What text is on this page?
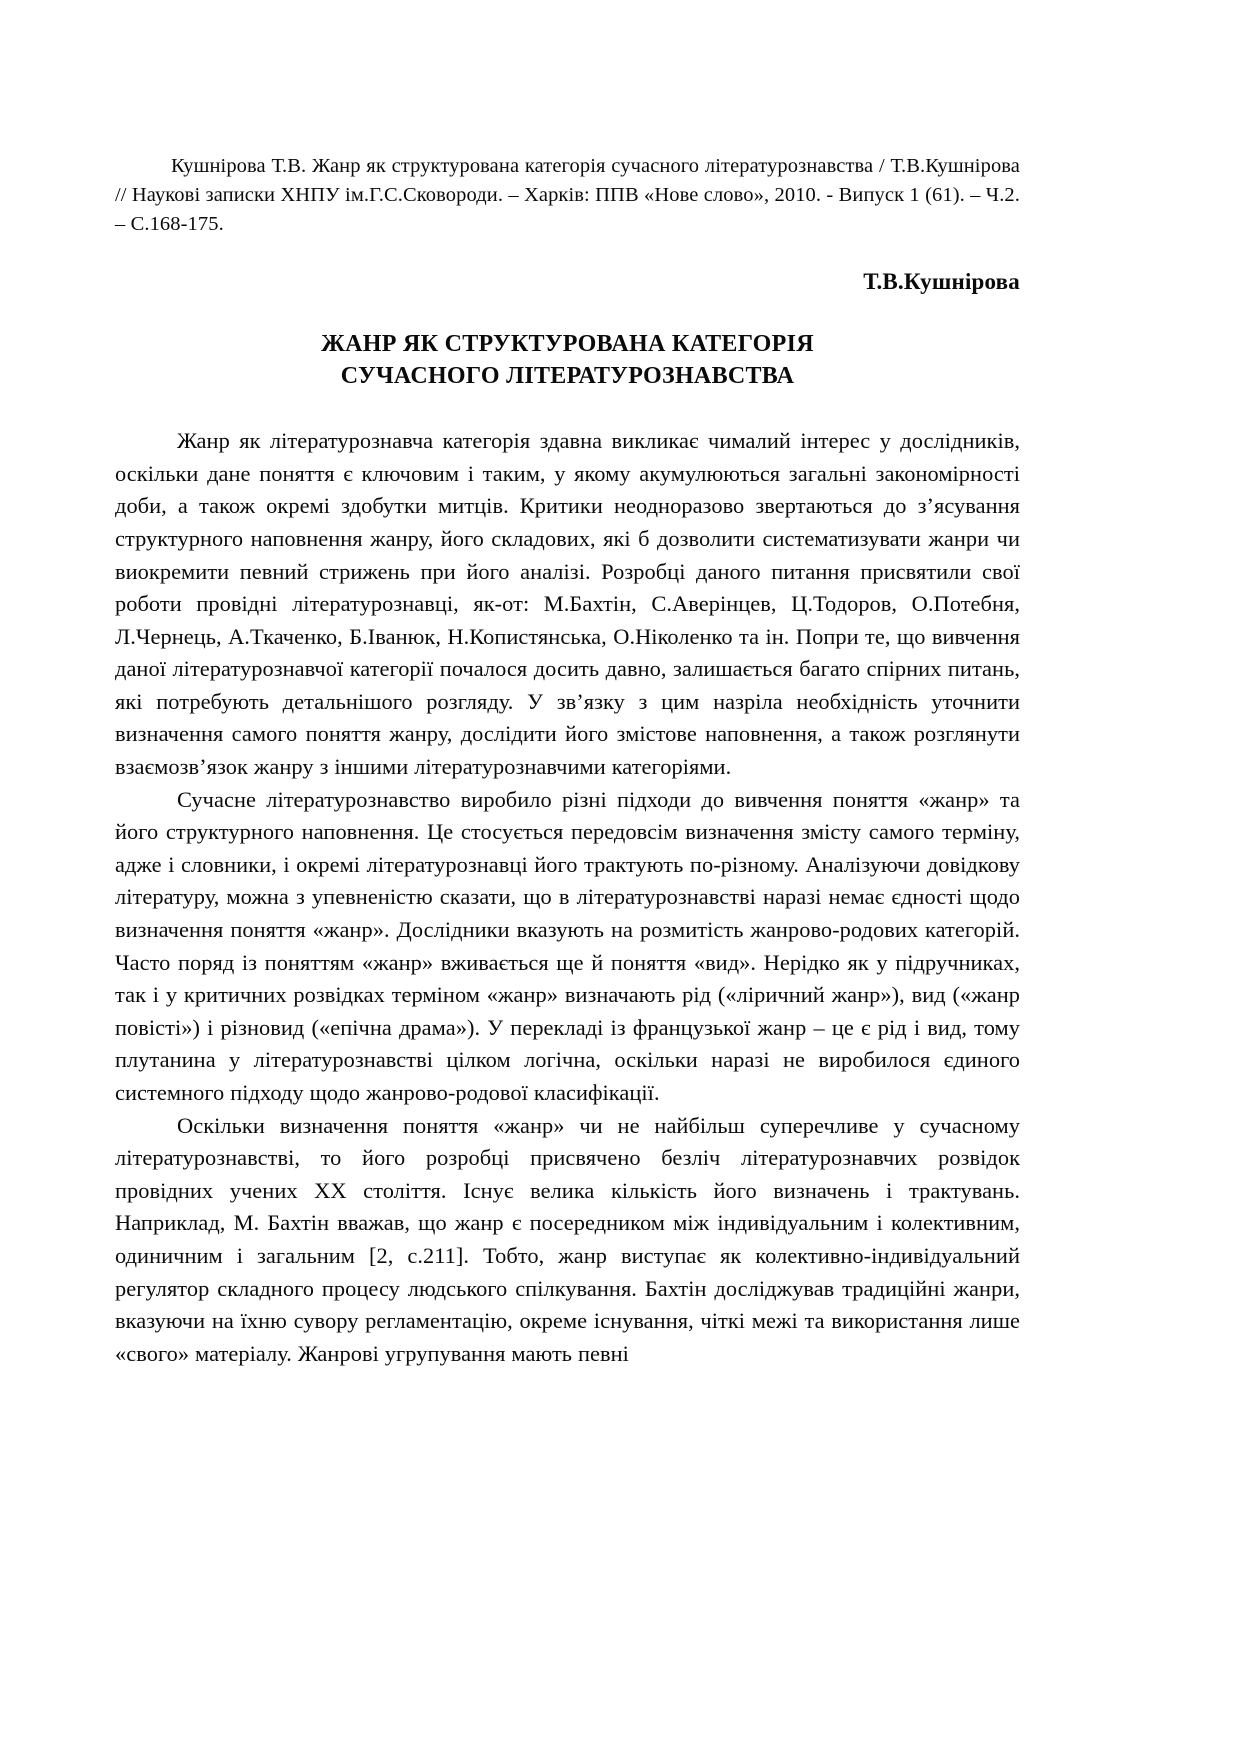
Кушнірова Т.В. Жанр як структурована категорія сучасного літературознавства / Т.В.Кушнірова // Наукові записки ХНПУ ім.Г.С.Сковороди. – Харків: ППВ «Нове слово», 2010. - Випуск 1 (61). – Ч.2. – С.168-175.

Т.В.Кушнірова

ЖАНР ЯК СТРУКТУРОВАНА КАТЕГОРІЯ
СУЧАСНОГО ЛІТЕРАТУРОЗНАВСТВА

Жанр як літературознавча категорія здавна викликає чималий інтерес у дослідників, оскільки дане поняття є ключовим і таким, у якому акумулюються загальні закономірності доби, а також окремі здобутки митців. Критики неодноразово звертаються до з’ясування структурного наповнення жанру, його складових, які б дозволити систематизувати жанри чи виокремити певний стрижень при його аналізі. Розробці даного питання присвятили свої роботи провідні літературознавці, як-от: М.Бахтін, С.Аверінцев, Ц.Тодоров, О.Потебня, Л.Чернець, А.Ткаченко, Б.Іванюк, Н.Копистянська, О.Ніколенко та ін. Попри те, що вивчення даної літературознавчої категорії почалося досить давно, залишається багато спірних питань, які потребують детальнішого розгляду. У зв’язку з цим назріла необхідність уточнити визначення самого поняття жанру, дослідити його змістове наповнення, а також розглянути взаємозв’язок жанру з іншими літературознавчими категоріями.

Сучасне літературознавство виробило різні підходи до вивчення поняття «жанр» та його структурного наповнення. Це стосується передовсім визначення змісту самого терміну, адже і словники, і окремі літературознавці його трактують по-різному. Аналізуючи довідкову літературу, можна з упевненістю сказати, що в літературознавстві наразі немає єдності щодо визначення поняття «жанр». Дослідники вказують на розмитість жанрово-родових категорій. Часто поряд із поняттям «жанр» вживається ще й поняття «вид». Нерідко як у підручниках, так і у критичних розвідках терміном «жанр» визначають рід («ліричний жанр»), вид («жанр повісті») і різновид («епічна драма»). У перекладі із французької жанр – це є рід і вид, тому плутанина у літературознавстві цілком логічна, оскільки наразі не виробилося єдиного системного підходу щодо жанрово-родової класифікації.

Оскільки визначення поняття «жанр» чи не найбільш суперечливе у сучасному літературознавстві, то його розробці присвячено безліч літературознавчих розвідок провідних учених ХХ століття. Існує велика кількість його визначень і трактувань. Наприклад, М. Бахтін вважав, що жанр є посередником між індивідуальним і колективним, одиничним і загальним [2, с.211]. Тобто, жанр виступає як колективно-індивідуальний регулятор складного процесу людського спілкування. Бахтін досліджував традиційні жанри, вказуючи на їхню сувору регламентацію, окреме існування, чіткі межі та використання лише «свого» матеріалу. Жанрові угрупування мають певні
